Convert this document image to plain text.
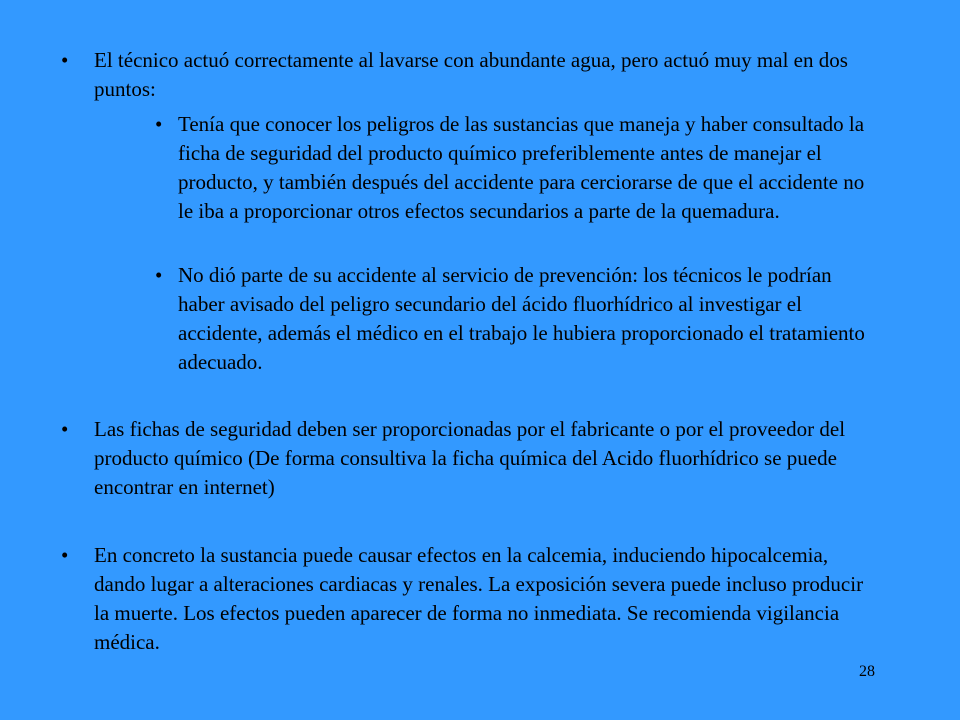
• El técnico actuó correctamente al lavarse con abundante agua, pero actuó muy mal en dos puntos:
• Tenía que conocer los peligros de las sustancias que maneja y haber consultado la ficha de seguridad del producto químico preferiblemente antes de manejar el producto, y también después del accidente para cerciorarse de que el accidente no le iba a proporcionar otros efectos secundarios a parte de la quemadura.
• No dió parte de su accidente al servicio de prevención: los técnicos le podrían haber avisado del peligro secundario del ácido fluorhídrico al investigar el accidente, además el médico en el trabajo le hubiera proporcionado el tratamiento adecuado.
• Las fichas de seguridad deben ser proporcionadas por el fabricante o por el proveedor del producto químico (De forma consultiva la ficha química del Acido fluorhídrico se puede encontrar en internet)
• En concreto la sustancia puede causar efectos en la calcemia, induciendo hipocalcemia, dando lugar a alteraciones cardiacas y renales. La exposición severa puede incluso producir la muerte. Los efectos pueden aparecer de forma no inmediata. Se recomienda vigilancia médica.
28
